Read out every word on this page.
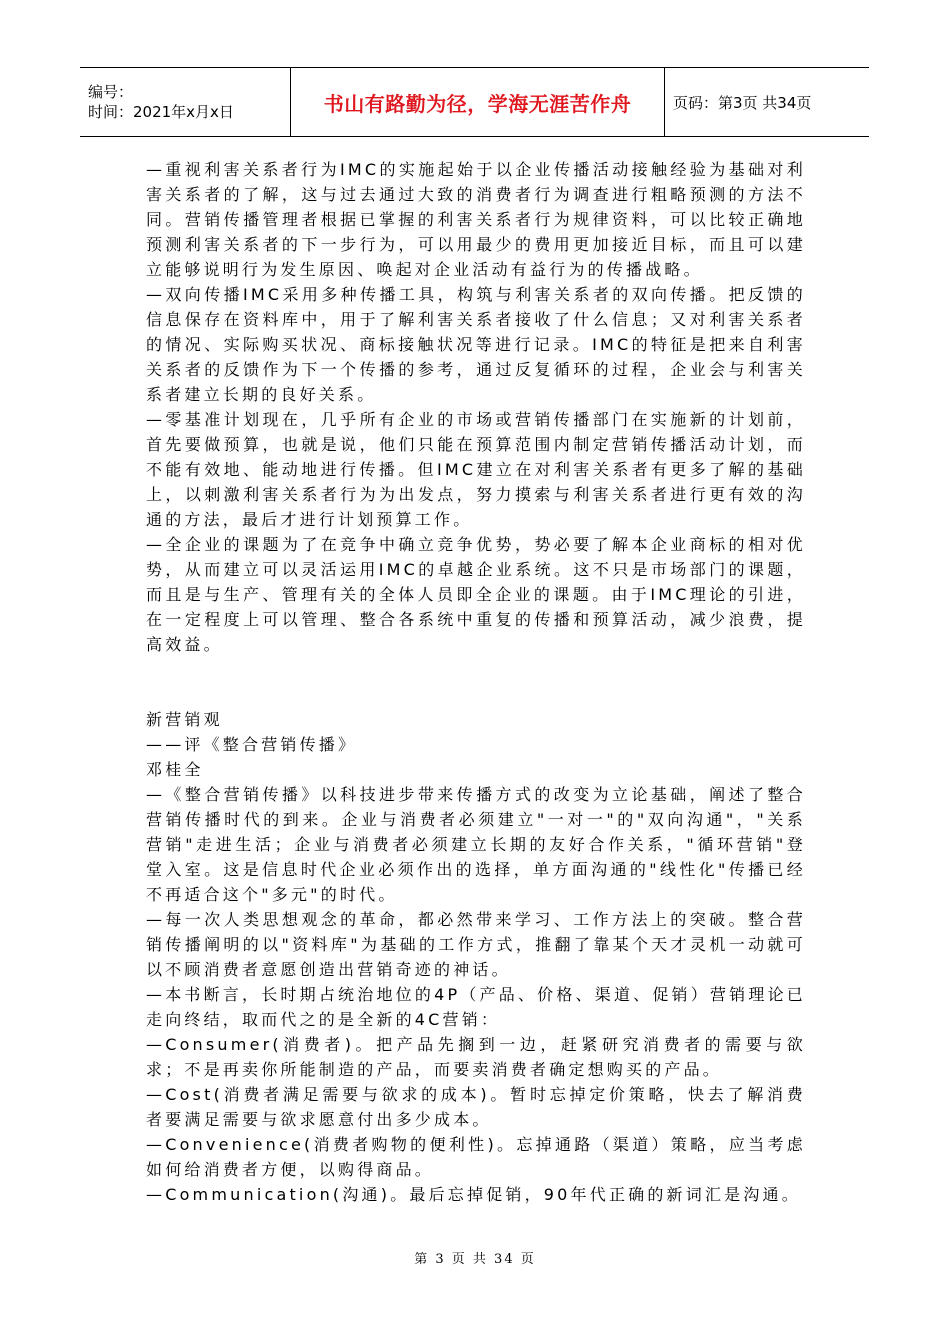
编号：
时间：2021年x月x日	书山有路勤为径，学海无涯苦作舟	页码：第3页 共34页

—重视利害关系者行为IMC的实施起始于以企业传播活动接触经验为基础对利害关系者的了解，这与过去通过大致的消费者行为调查进行粗略预测的方法不同。营销传播管理者根据已掌握的利害关系者行为规律资料，可以比较正确地预测利害关系者的下一步行为，可以用最少的费用更加接近目标，而且可以建立能够说明行为发生原因、唤起对企业活动有益行为的传播战略。

—双向传播IMC采用多种传播工具，构筑与利害关系者的双向传播。把反馈的信息保存在资料库中，用于了解利害关系者接收了什么信息；又对利害关系者的情况、实际购买状况、商标接触状况等进行记录。IMC的特征是把来自利害关系者的反馈作为下一个传播的参考，通过反复循环的过程，企业会与利害关系者建立长期的良好关系。

—零基准计划现在，几乎所有企业的市场或营销传播部门在实施新的计划前，首先要做预算，也就是说，他们只能在预算范围内制定营销传播活动计划，而不能有效地、能动地进行传播。但IMC建立在对利害关系者有更多了解的基础上，以刺激利害关系者行为为出发点，努力摸索与利害关系者进行更有效的沟通的方法，最后才进行计划预算工作。

—全企业的课题为了在竞争中确立竞争优势，势必要了解本企业商标的相对优势，从而建立可以灵活运用IMC的卓越企业系统。这不只是市场部门的课题，而且是与生产、管理有关的全体人员即全企业的课题。由于IMC理论的引进，在一定程度上可以管理、整合各系统中重复的传播和预算活动，减少浪费，提高效益。

新营销观

——评《整合营销传播》

邓桂全

—《整合营销传播》以科技进步带来传播方式的改变为立论基础，阐述了整合营销传播时代的到来。企业与消费者必须建立"一对一"的"双向沟通"，"关系营销"走进生活；企业与消费者必须建立长期的友好合作关系，"循环营销"登堂入室。这是信息时代企业必须作出的选择，单方面沟通的"线性化"传播已经不再适合这个"多元"的时代。

—每一次人类思想观念的革命，都必然带来学习、工作方法上的突破。整合营销传播阐明的以"资料库"为基础的工作方式，推翻了靠某个天才灵机一动就可以不顾消费者意愿创造出营销奇迹的神话。

—本书断言，长时期占统治地位的4P（产品、价格、渠道、促销）营销理论已走向终结，取而代之的是全新的4C营销：

—Consumer(消费者)。把产品先搁到一边，赶紧研究消费者的需要与欲求；不是再卖你所能制造的产品，而要卖消费者确定想购买的产品。

—Cost(消费者满足需要与欲求的成本)。暂时忘掉定价策略，快去了解消费者要满足需要与欲求愿意付出多少成本。

—Convenience(消费者购物的便利性)。忘掉通路（渠道）策略，应当考虑如何给消费者方便，以购得商品。

—Communication(沟通)。最后忘掉促销，90年代正确的新词汇是沟通。

第 3 页 共 34 页
